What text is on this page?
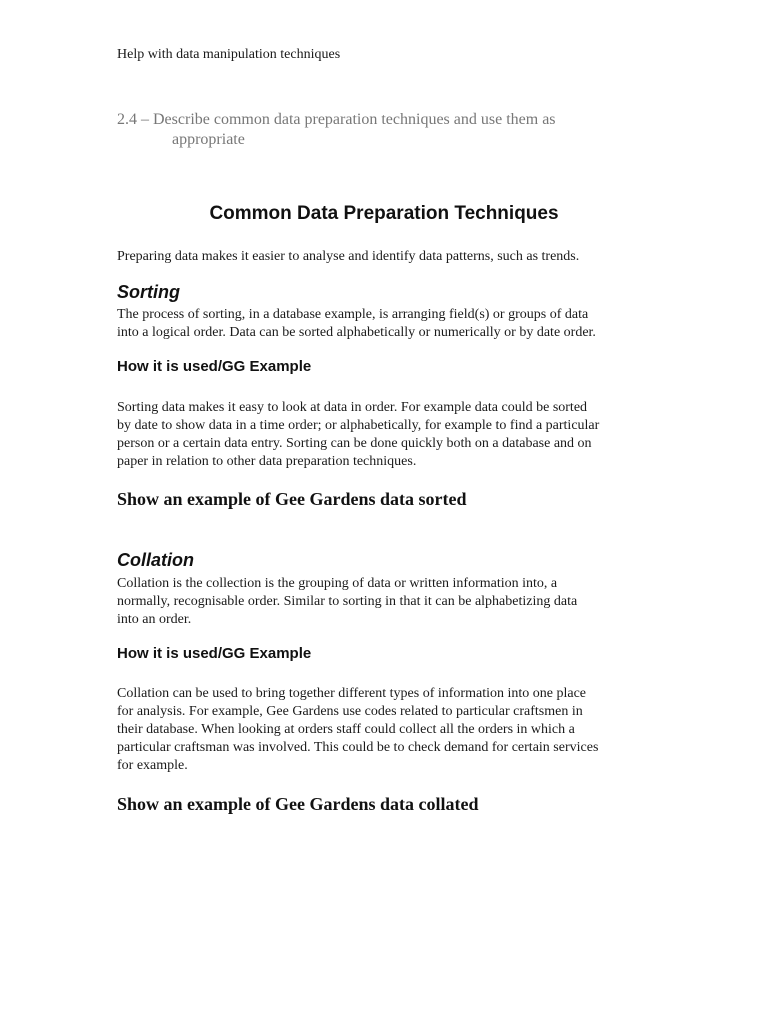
Help with data manipulation techniques

2.4 – Describe common data preparation techniques and use them as
appropriate

Common Data Preparation Techniques

Preparing data makes it easier to analyse and identify data patterns, such as trends.

Sorting
The process of sorting, in a database example, is arranging field(s) or groups of data
into a logical order. Data can be sorted alphabetically or numerically or by date order.
How it is used/GG Example
Sorting data makes it easy to look at data in order. For example data could be sorted
by date to show data in a time order; or alphabetically, for example to find a particular
person or a certain data entry. Sorting can be done quickly both on a database and on
paper in relation to other data preparation techniques.
Show an example of Gee Gardens data sorted
Collation
Collation is the collection is the grouping of data or written information into, a
normally, recognisable order. Similar to sorting in that it can be alphabetizing data
into an order.
How it is used/GG Example
Collation can be used to bring together different types of information into one place
for analysis. For example, Gee Gardens use codes related to particular craftsmen in
their database. When looking at orders staff could collect all the orders in which a
particular craftsman was involved. This could be to check demand for certain services
for example.
Show an example of Gee Gardens data collated
